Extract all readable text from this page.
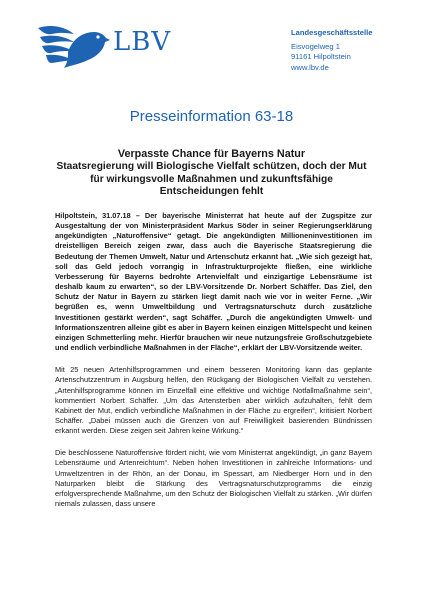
LBV	Landesgeschäftsstelle
Eisvogelweg 1
91161 Hilpoltstein
www.lbv.de
Presseinformation 63-18
Verpasste Chance für Bayerns Natur
Staatsregierung will Biologische Vielfalt schützen, doch der Mut für wirkungsvolle Maßnahmen und zukunftsfähige Entscheidungen fehlt

Hilpoltstein, 31.07.18 – Der bayerische Ministerrat hat heute auf der Zugspitze zur Ausgestaltung der von Ministerpräsident Markus Söder in seiner Regierungserklärung angekündigten „Naturoffensive“ getagt. Die angekündigten Millioneninvestitionen im dreistelligen Bereich zeigen zwar, dass auch die Bayerische Staatsregierung die Bedeutung der Themen Umwelt, Natur und Artenschutz erkannt hat. „Wie sich gezeigt hat, soll das Geld jedoch vorrangig in Infrastrukturprojekte fließen, eine wirkliche Verbesserung für Bayerns bedrohte Artenvielfalt und einzigartige Lebensräume ist deshalb kaum zu erwarten“, so der LBV-Vorsitzende Dr. Norbert Schäffer. Das Ziel, den Schutz der Natur in Bayern zu stärken liegt damit nach wie vor in weiter Ferne. „Wir begrüßen es, wenn Umweltbildung und Vertragsnaturschutz durch zusätzliche Investitionen gestärkt werden“, sagt Schäffer. „Durch die angekündigten Umwelt- und Informationszentren alleine gibt es aber in Bayern keinen einzigen Mittelspecht und keinen einzigen Schmetterling mehr. Hierfür brauchen wir neue nutzungsfreie Großschutzgebiete und endlich verbindliche Maßnahmen in der Fläche“, erklärt der LBV-Vorsitzende weiter.

Mit 25 neuen Artenhilfsprogrammen und einem besseren Monitoring kann das geplante Artenschutzzentrum in Augsburg helfen, den Rückgang der Biologischen Vielfalt zu verstehen. „Artenhilfsprogramme können im Einzelfall eine effektive und wichtige Notfallmaßnahme sein“, kommentiert Norbert Schäffer. „Um das Artensterben aber wirklich aufzuhalten, fehlt dem Kabinett der Mut, endlich verbindliche Maßnahmen in der Fläche zu ergreifen“, kritisiert Norbert Schäffer. „Dabei müssen auch die Grenzen von auf Freiwilligkeit basierenden Bündnissen erkannt werden. Diese zeigen seit Jahren keine Wirkung.“

Die beschlossene Naturoffensive fördert nicht, wie vom Ministerrat angekündigt, „in ganz Bayern Lebensräume und Artenreichtum“. Neben hohen Investitionen in zahlreiche Informations- und Umweltzentren in der Rhön, an der Donau, im Spessart, am Niedberger Horn und in den Naturparken bleibt die Stärkung des Vertragsnaturschutzprogramms die einzig erfolgversprechende Maßnahme, um den Schutz der Biologischen Vielfalt zu stärken. „Wir dürfen niemals zulassen, dass unsere
